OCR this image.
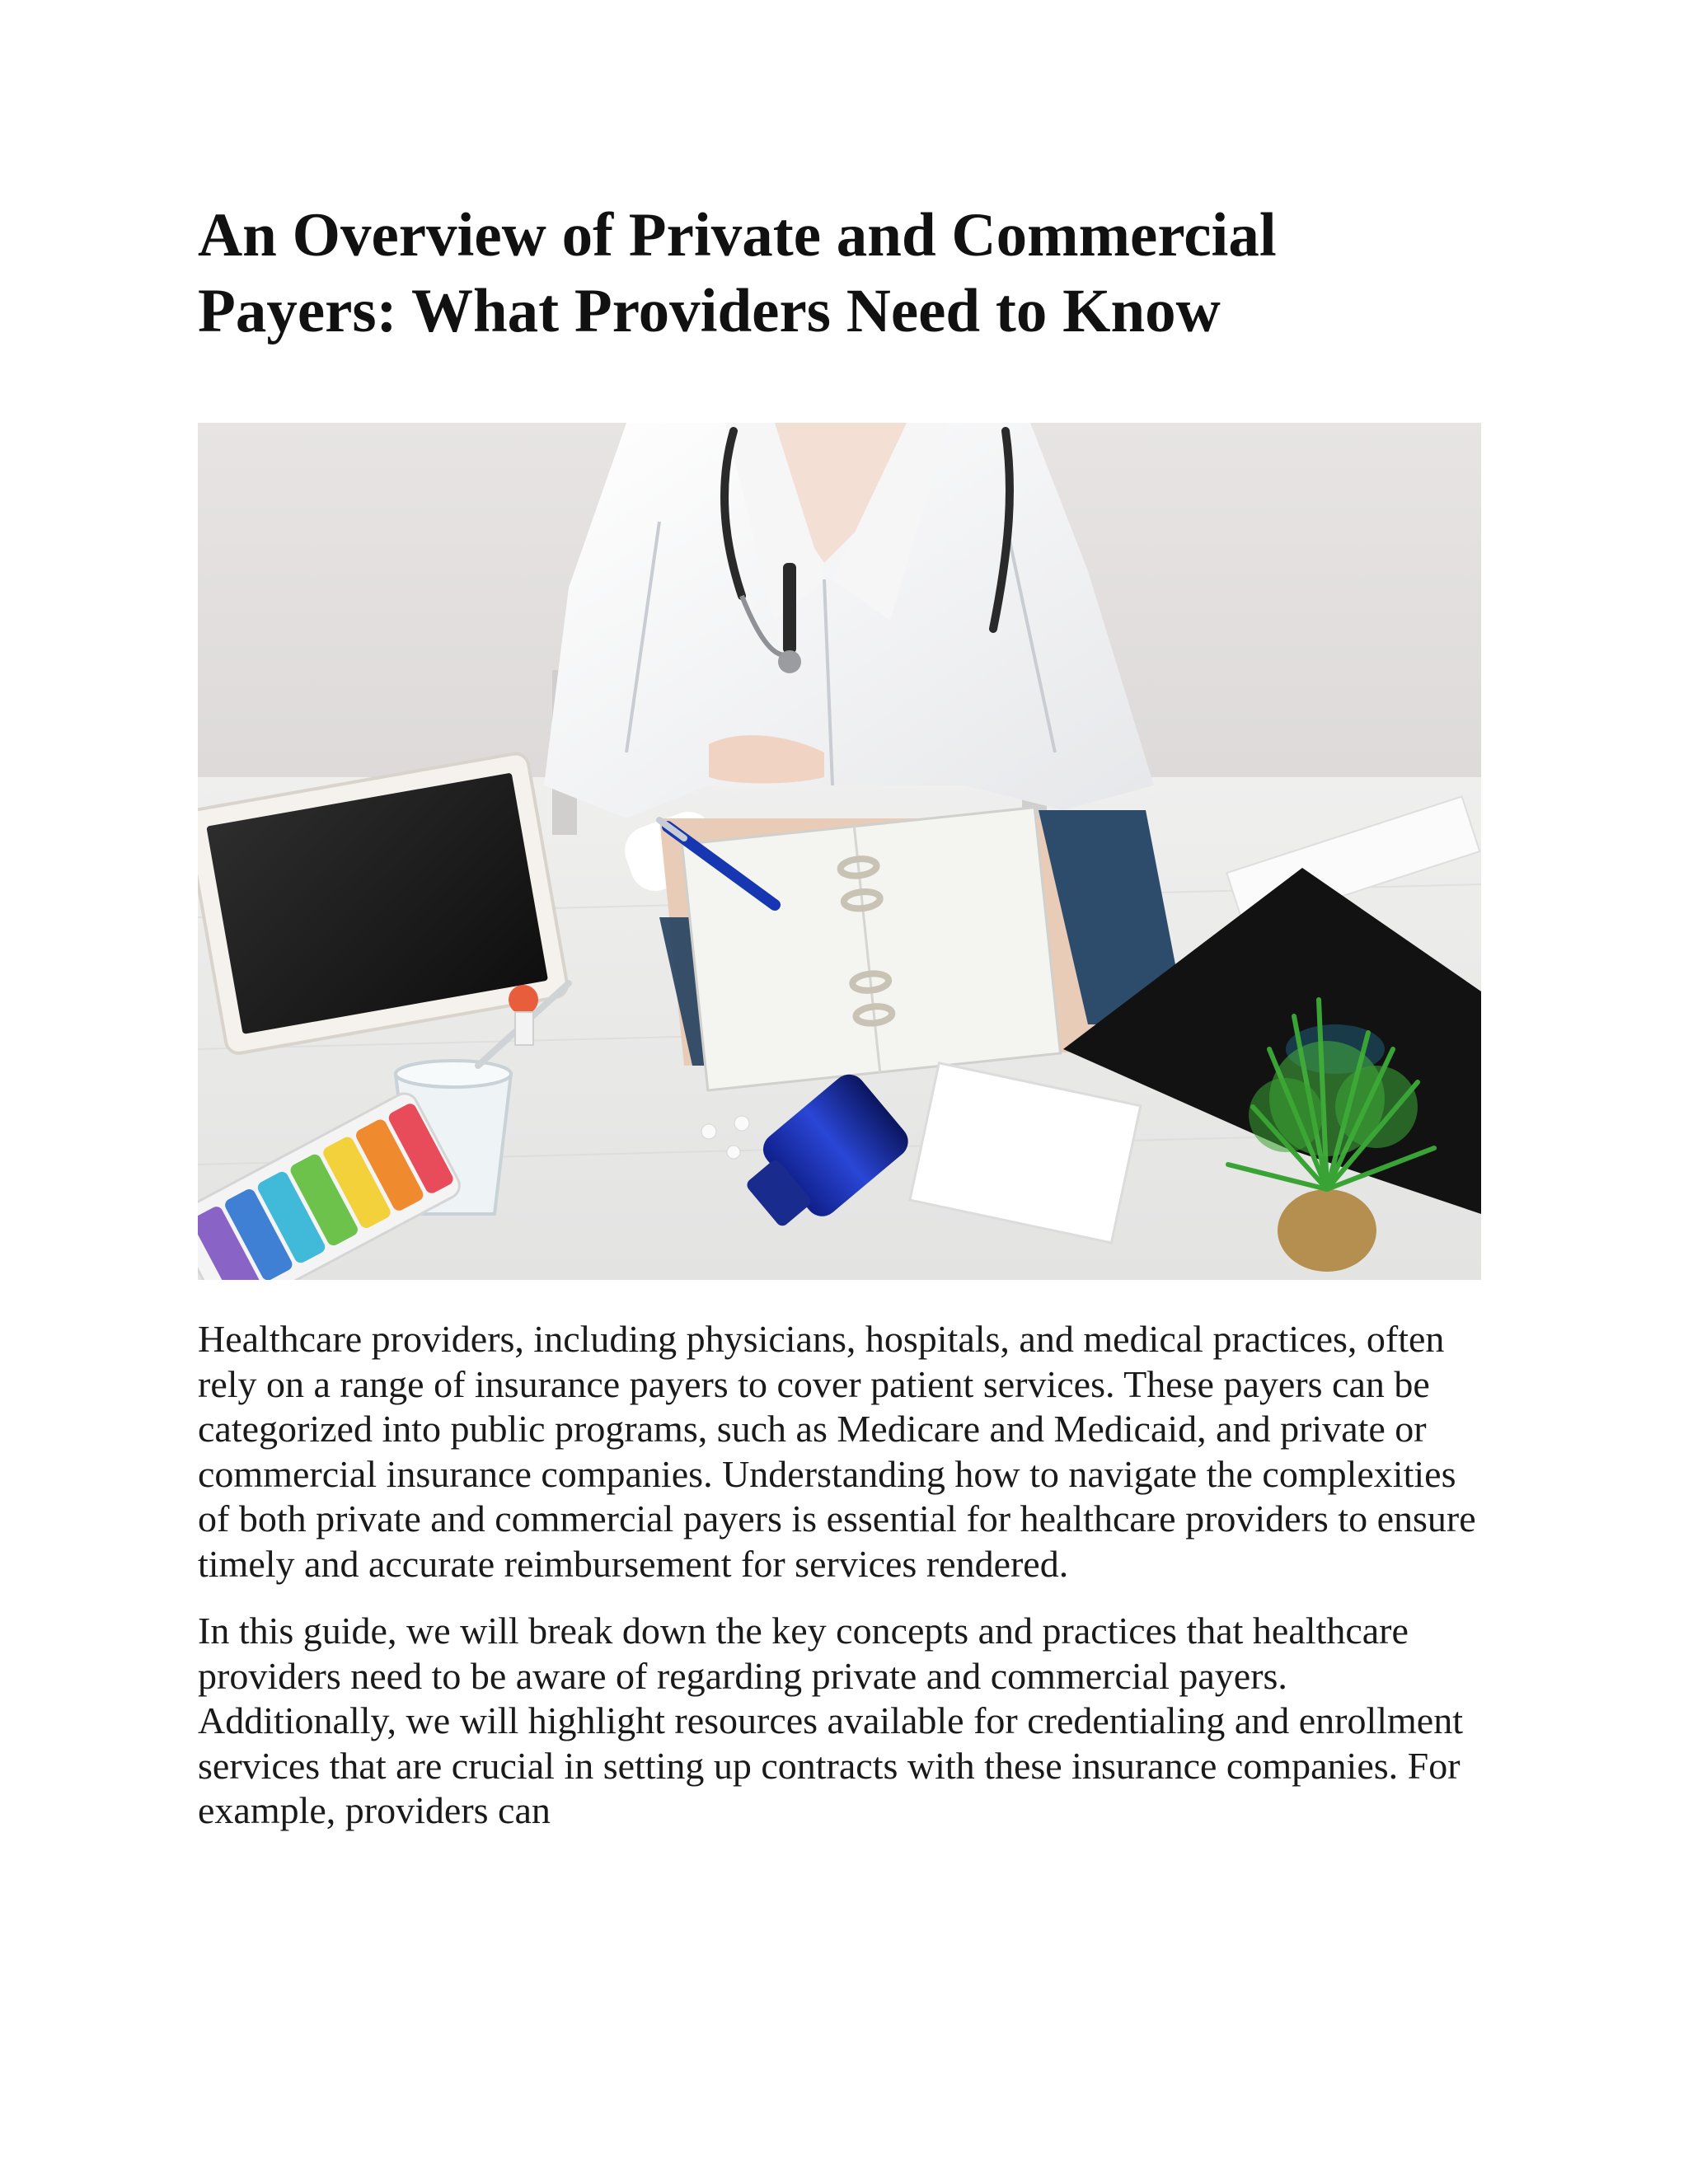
An Overview of Private and Commercial Payers: What Providers Need to Know

Healthcare providers, including physicians, hospitals, and medical practices, often rely on a range of insurance payers to cover patient services. These payers can be categorized into public programs, such as Medicare and Medicaid, and private or commercial insurance companies. Understanding how to navigate the complexities of both private and commercial payers is essential for healthcare providers to ensure timely and accurate reimbursement for services rendered.

In this guide, we will break down the key concepts and practices that healthcare providers need to be aware of regarding private and commercial payers. Additionally, we will highlight resources available for credentialing and enrollment services that are crucial in setting up contracts with these insurance companies. For example, providers can
